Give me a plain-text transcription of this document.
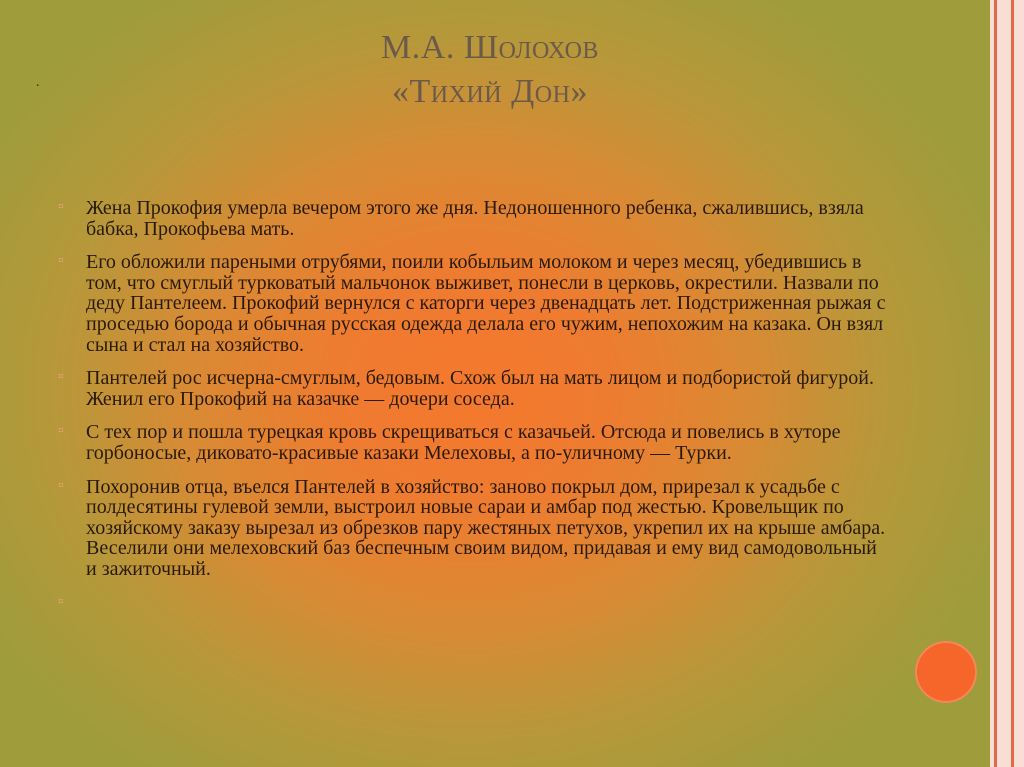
.
М.А. Шолохов
«Тихий Дон»
▫	Жена Прокофия умерла вечером этого же дня. Недоношенного ребенка, сжалившись, взяла бабка, Прокофьева мать.
▫	Его обложили пареными отрубями, поили кобыльим молоком и через месяц, убедившись в том, что смуглый турковатый мальчонок выживет, понесли в церковь, окрестили. Назвали по деду Пантелеем. Прокофий вернулся с каторги через двенадцать лет. Подстриженная рыжая с проседью борода и обычная русская одежда делала его чужим, непохожим на казака. Он взял сына и стал на хозяйство.
▫	Пантелей рос исчерна-смуглым, бедовым. Схож был на мать лицом и подбористой фигурой. Женил его Прокофий на казачке — дочери соседа.
▫	С тех пор и пошла турецкая кровь скрещиваться с казачьей. Отсюда и повелись в хуторе горбоносые, диковато-красивые казаки Мелеховы, а по-уличному — Турки.
▫	Похоронив отца, въелся Пантелей в хозяйство: заново покрыл дом, прирезал к усадьбе с полдесятины гулевой земли, выстроил новые сараи и амбар под жестью. Кровельщик по хозяйскому заказу вырезал из обрезков пару жестяных петухов, укрепил их на крыше амбара. Веселили они мелеховский баз беспечным своим видом, придавая и ему вид самодовольный и зажиточный.
▫
